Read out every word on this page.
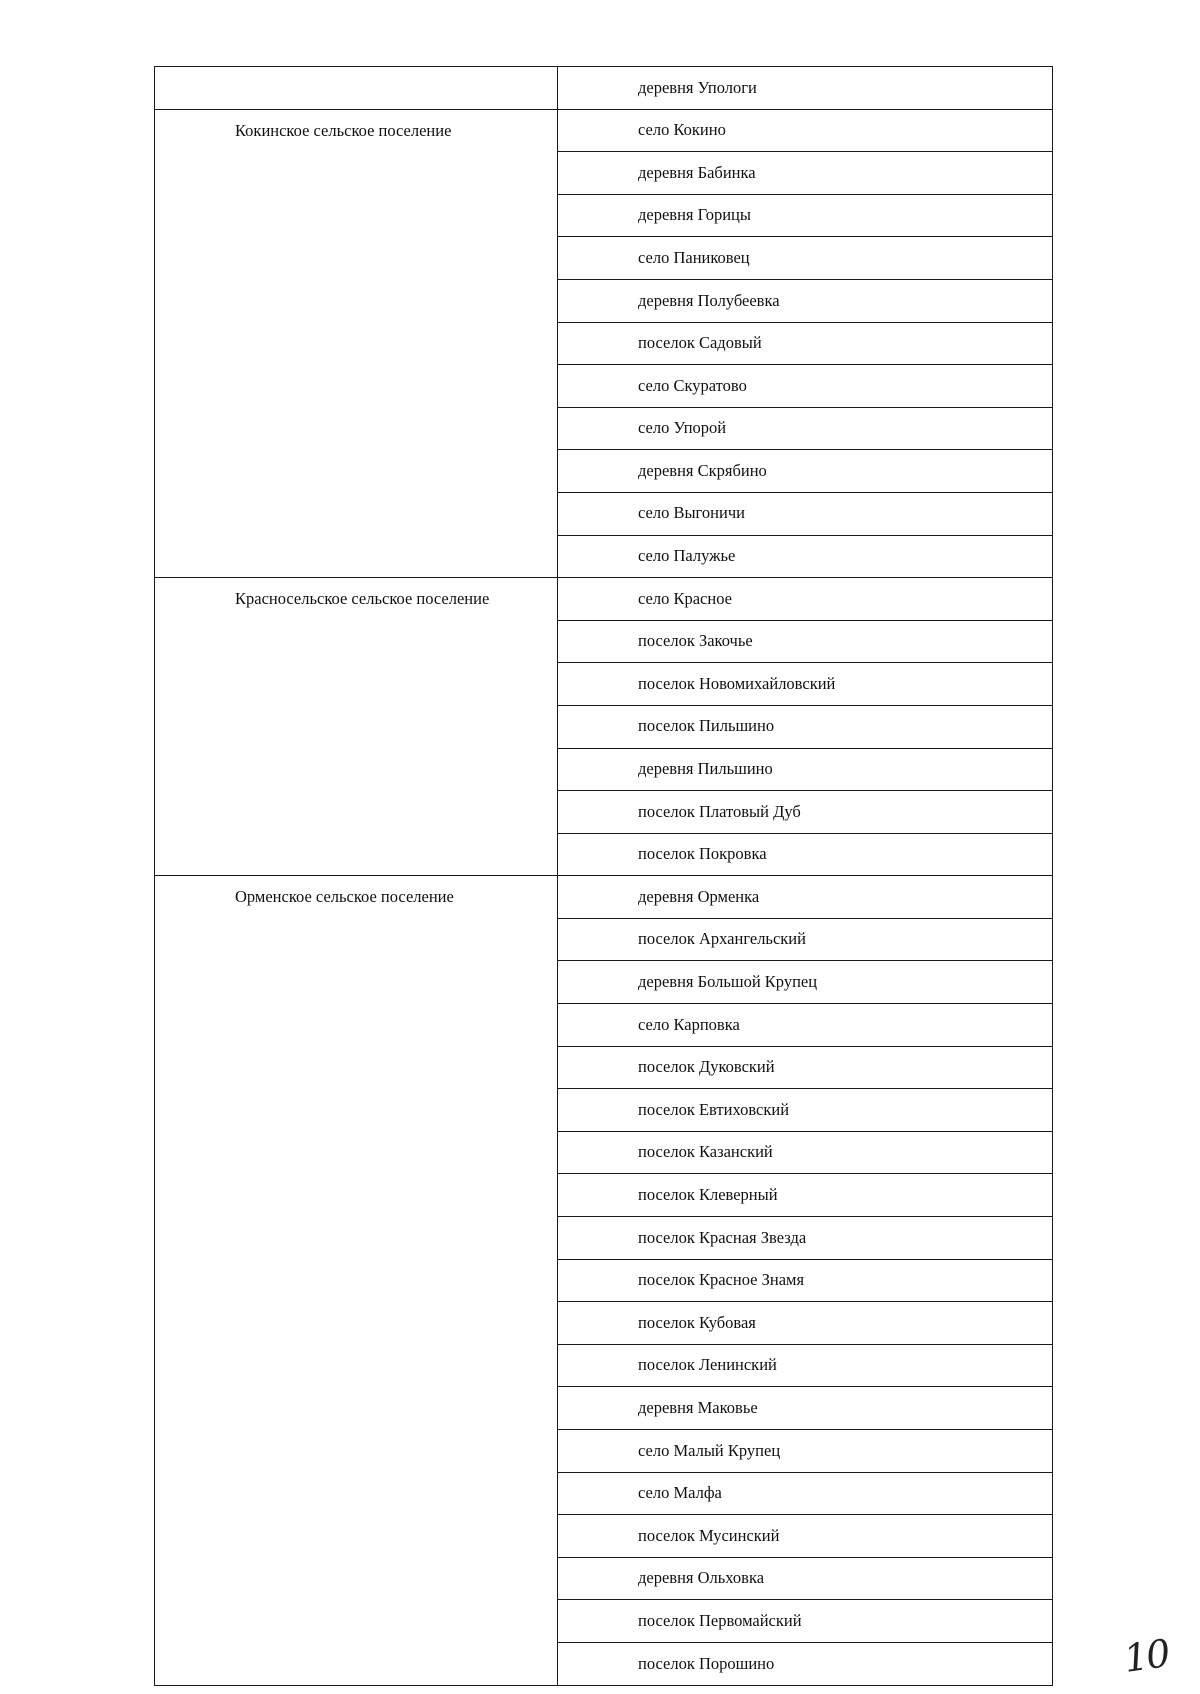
	деревня Упологи
Кокинское сельское поселение	село Кокино
	деревня Бабинка
	деревня Горицы
	село Паниковец
	деревня Полубеевка
	поселок Садовый
	село Скуратово
	село Упорой
	деревня Скрябино
	село Выгоничи
	село Палужье
Красносельское сельское поселение	село Красное
	поселок Закочье
	поселок Новомихайловский
	поселок Пильшино
	деревня Пильшино
	поселок Платовый Дуб
	поселок Покровка
Орменское сельское поселение	деревня Орменка
	поселок Архангельский
	деревня Большой Крупец
	село Карповка
	поселок Дуковский
	поселок Евтиховский
	поселок Казанский
	поселок Клеверный
	поселок Красная Звезда
	поселок Красное Знамя
	поселок Кубовая
	поселок Ленинский
	деревня Маковье
	село Малый Крупец
	село Малфа
	поселок Мусинский
	деревня Ольховка
	поселок Первомайский
	поселок Порошино	10
